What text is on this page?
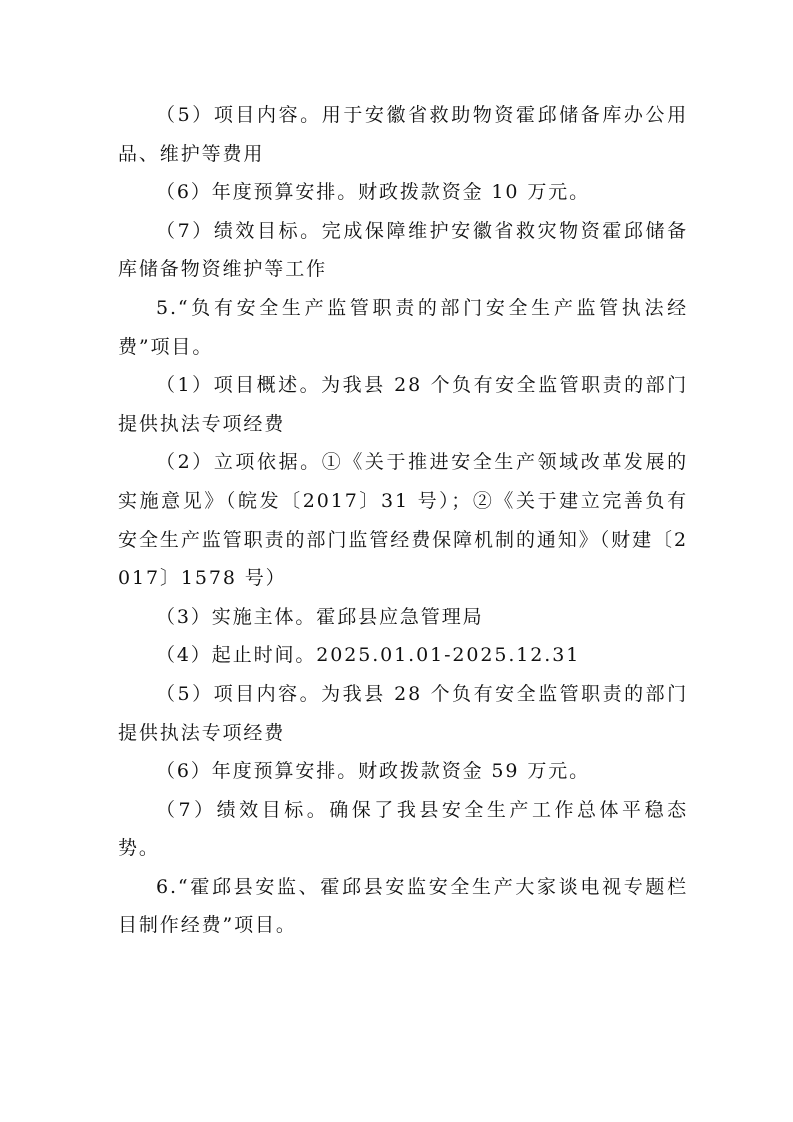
（5）项目内容。用于安徽省救助物资霍邱储备库办公用品、维护等费用

（6）年度预算安排。财政拨款资金 10 万元。

（7）绩效目标。完成保障维护安徽省救灾物资霍邱储备库储备物资维护等工作

5.“负有安全生产监管职责的部门安全生产监管执法经费”项目。

（1）项目概述。为我县 28 个负有安全监管职责的部门提供执法专项经费

（2）立项依据。①《关于推进安全生产领域改革发展的实施意见》（皖发〔2017〕31 号）；②《关于建立完善负有安全生产监管职责的部门监管经费保障机制的通知》（财建〔2017〕1578 号）

（3）实施主体。霍邱县应急管理局

（4）起止时间。2025.01.01-2025.12.31

（5）项目内容。为我县 28 个负有安全监管职责的部门提供执法专项经费

（6）年度预算安排。财政拨款资金 59 万元。

（7）绩效目标。确保了我县安全生产工作总体平稳态势。

6.“霍邱县安监、霍邱县安监安全生产大家谈电视专题栏目制作经费”项目。
